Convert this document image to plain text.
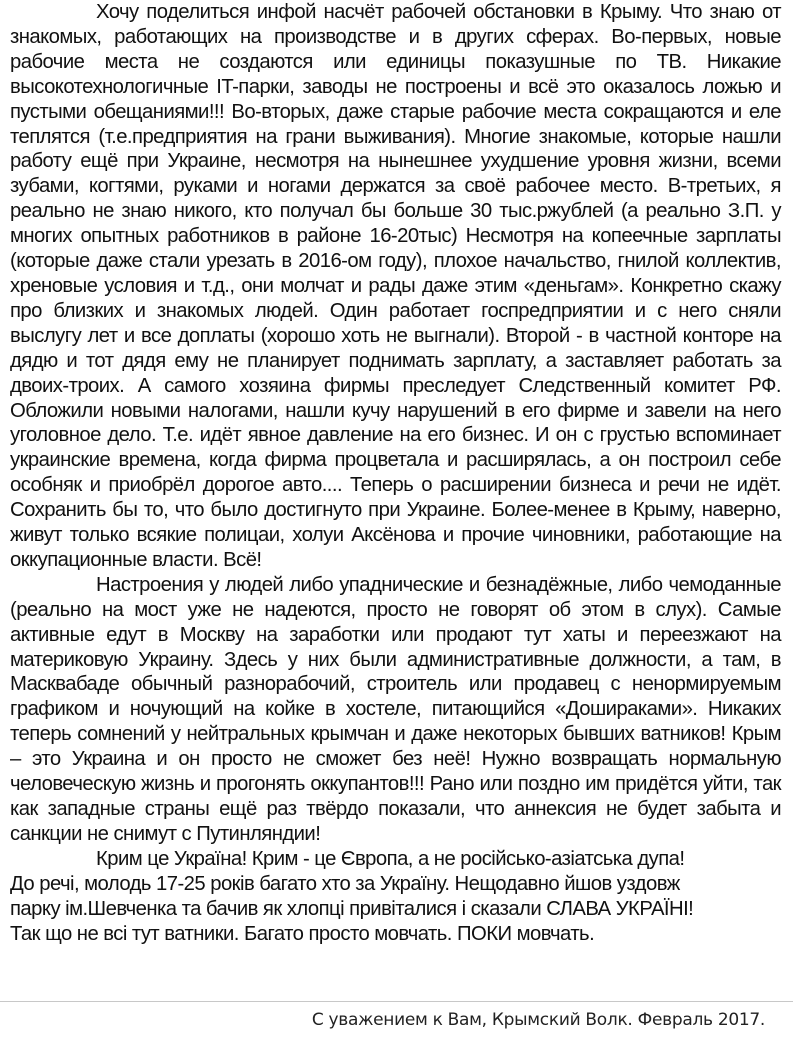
Хочу поделиться инфой насчёт рабочей обстановки в Крыму. Что знаю от знакомых, работающих на производстве и в других сферах. Во-первых, новые рабочие места не создаются или единицы показушные по ТВ. Никакие высокотехнологичные IT-парки, заводы не построены и всё это оказалось ложью и пустыми обещаниями!!! Во-вторых, даже старые рабочие места сокращаются и еле теплятся (т.е.предприятия на грани выживания). Многие знакомые, которые нашли работу ещё при Украине, несмотря на нынешнее ухудшение уровня жизни, всеми зубами, когтями, руками и ногами держатся за своё рабочее место. В-третьих, я реально не знаю никого, кто получал бы больше 30 тыс.ржублей (а реально З.П. у многих опытных работников в районе 16-20тыс) Несмотря на копеечные зарплаты (которые даже стали урезать в 2016-ом году), плохое начальство, гнилой коллектив, хреновые условия и т.д., они молчат и рады даже этим «деньгам». Конкретно скажу про близких и знакомых людей. Один работает госпредприятии и с него сняли выслугу лет и все доплаты (хорошо хоть не выгнали). Второй - в частной конторе на дядю и тот дядя ему не планирует поднимать зарплату, а заставляет работать за двоих-троих. А самого хозяина фирмы преследует Следственный комитет РФ. Обложили новыми налогами, нашли кучу нарушений в его фирме и завели на него уголовное дело. Т.е. идёт явное давление на его бизнес. И он с грустью вспоминает украинские времена, когда фирма процветала и расширялась, а он построил себе особняк и приобрёл дорогое авто.... Теперь о расширении бизнеса и речи не идёт. Сохранить бы то, что было достигнуто при Украине. Более-менее в Крыму, наверно, живут только всякие полицаи, холуи Аксёнова и прочие чиновники, работающие на оккупационные власти. Всё!

Настроения у людей либо упаднические и безнадёжные, либо чемоданные (реально на мост уже не надеются, просто не говорят об этом в слух). Самые активные едут в Москву на заработки или продают тут хаты и переезжают на материковую Украину. Здесь у них были административные должности, а там, в Масквабаде обычный разнорабочий, строитель или продавец с ненормируемым графиком и ночующий на койке в хостеле, питающийся «Дошираками». Никаких теперь сомнений у нейтральных крымчан и даже некоторых бывших ватников! Крым – это Украина и он просто не сможет без неё! Нужно возвращать нормальную человеческую жизнь и прогонять оккупантов!!! Рано или поздно им придётся уйти, так как западные страны ещё раз твёрдо показали, что аннексия не будет забыта и санкции не снимут с Путинляндии!

Крим це Україна! Крим - це Європа, а не російсько-азіатська дупа!
До речі, молодь 17-25 років багато хто за Україну. Нещодавно йшов уздовж
парку ім.Шевченка та бачив як хлопці привіталися і сказали СЛАВА УКРАЇНІ!
Так що не всі тут ватники. Багато просто мовчать. ПОКИ мовчать.

С уважением к Вам, Крымский Волк. Февраль 2017.
